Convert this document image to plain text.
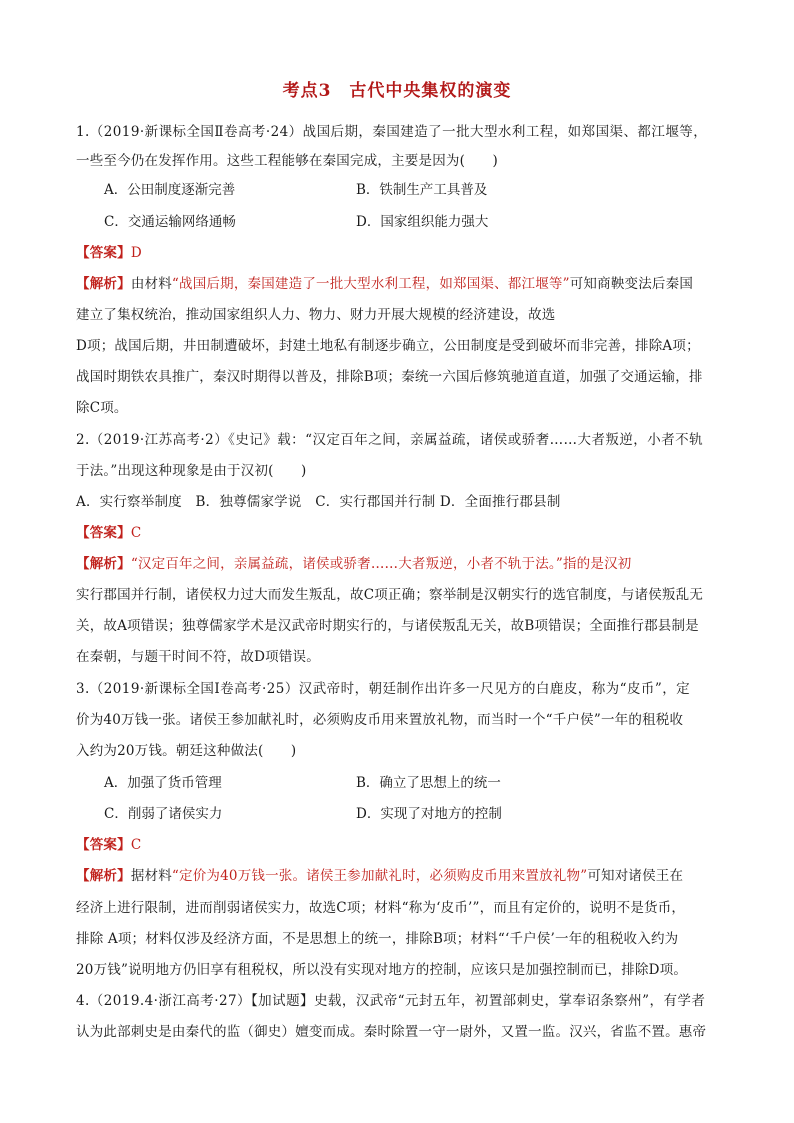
考点3　古代中央集权的演变
1.（2019·新课标全国Ⅱ卷高考·24）战国后期，秦国建造了一批大型水利工程，如郑国渠、都江堰等，
一些至今仍在发挥作用。这些工程能够在秦国完成，主要是因为(　　)
A．公田制度逐渐完善	B．铁制生产工具普及
C．交通运输网络通畅	D．国家组织能力强大
【答案】D
【解析】由材料“战国后期，秦国建造了一批大型水利工程，如郑国渠、都江堰等”可知商鞅变法后秦国
建立了集权统治，推动国家组织人力、物力、财力开展大规模的经济建设，故选
D项；战国后期，井田制遭破坏，封建土地私有制逐步确立，公田制度是受到破坏而非完善，排除A项；
战国时期铁农具推广，秦汉时期得以普及，排除B项；秦统一六国后修筑驰道直道，加强了交通运输，排
除C项。
2.（2019·江苏高考·2）《史记》载：“汉定百年之间，亲属益疏，诸侯或骄奢……大者叛逆，小者不轨
于法。”出现这种现象是由于汉初(　　)
A．实行察举制度　B．独尊儒家学说　C．实行郡国并行制 D．全面推行郡县制
【答案】C
【解析】“汉定百年之间，亲属益疏，诸侯或骄奢……大者叛逆，小者不轨于法。”指的是汉初
实行郡国并行制，诸侯权力过大而发生叛乱，故C项正确；察举制是汉朝实行的选官制度，与诸侯叛乱无
关，故A项错误；独尊儒家学术是汉武帝时期实行的，与诸侯叛乱无关，故B项错误；全面推行郡县制是
在秦朝，与题干时间不符，故D项错误。
3.（2019·新课标全国Ⅰ卷高考·25）汉武帝时，朝廷制作出许多一尺见方的白鹿皮，称为“皮币”，定
价为40万钱一张。诸侯王参加献礼时，必须购皮币用来置放礼物，而当时一个“千户侯”一年的租税收
入约为20万钱。朝廷这种做法(　　)
A．加强了货币管理	B．确立了思想上的统一
C．削弱了诸侯实力	D．实现了对地方的控制
【答案】C
【解析】据材料“定价为40万钱一张。诸侯王参加献礼时，必须购皮币用来置放礼物”可知对诸侯王在
经济上进行限制，进而削弱诸侯实力，故选C项；材料“称为‘皮币’”，而且有定价的，说明不是货币，
排除 A项；材料仅涉及经济方面，不是思想上的统一，排除B项；材料“‘千户侯’一年的租税收入约为
20万钱”说明地方仍旧享有租税权，所以没有实现对地方的控制，应该只是加强控制而已，排除D项。
4.（2019.4·浙江高考·27）【加试题】史载，汉武帝“元封五年，初置部刺史，掌奉诏条察州”，有学者
认为此部刺史是由秦代的监（御史）嬗变而成。秦时除置一守一尉外，又置一监。汉兴，省监不置。惠帝
